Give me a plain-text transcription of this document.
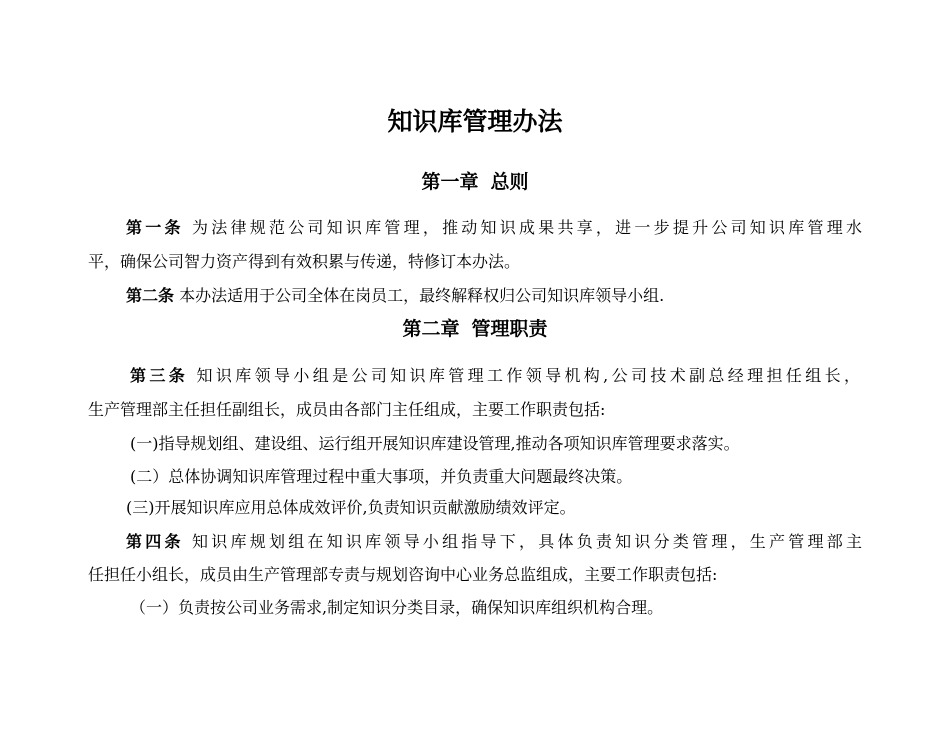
知识库管理办法
第一章 总则
第一条 为法律规范公司知识库管理，推动知识成果共享，进一步提升公司知识库管理水
平，确保公司智力资产得到有效积累与传递，特修订本办法。
第二条 本办法适用于公司全体在岗员工，最终解释权归公司知识库领导小组.
第二章 管理职责
第三条 知识库领导小组是公司知识库管理工作领导机构,公司技术副总经理担任组长，
生产管理部主任担任副组长，成员由各部门主任组成，主要工作职责包括:
(一)指导规划组、建设组、运行组开展知识库建设管理,推动各项知识库管理要求落实。
(二）总体协调知识库管理过程中重大事项，并负责重大问题最终决策。
(三)开展知识库应用总体成效评价,负责知识贡献激励绩效评定。
第四条 知识库规划组在知识库领导小组指导下，具体负责知识分类管理，生产管理部主
任担任小组长，成员由生产管理部专责与规划咨询中心业务总监组成，主要工作职责包括:
（一）负责按公司业务需求,制定知识分类目录，确保知识库组织机构合理。
